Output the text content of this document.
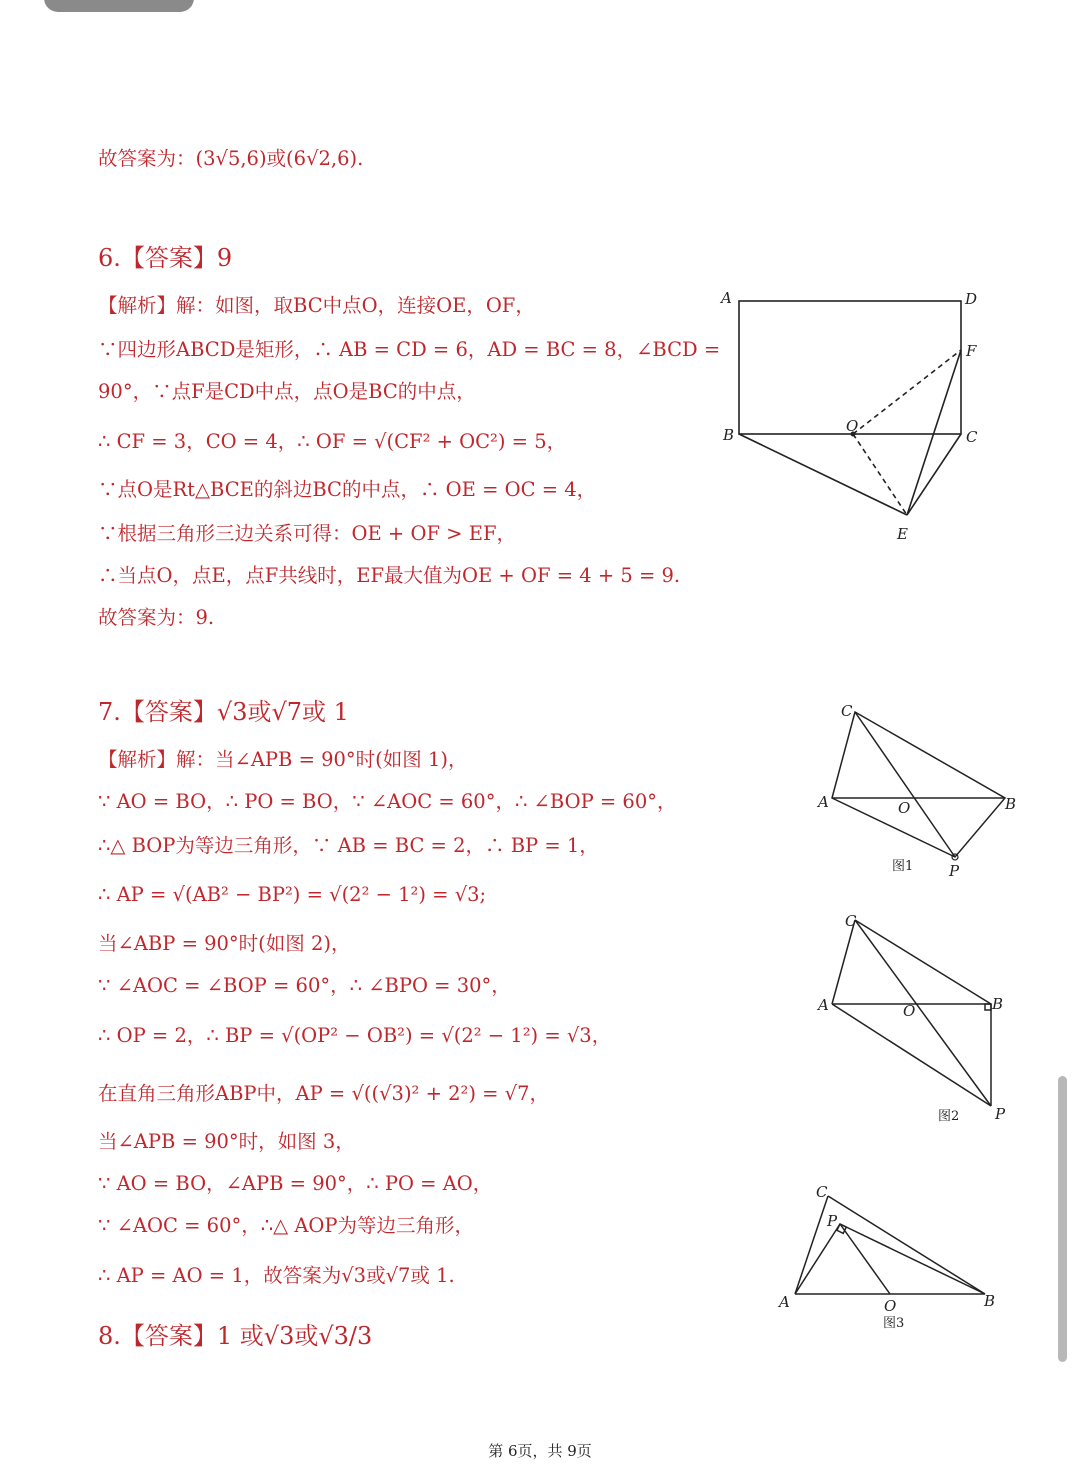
故答案为：(3√5,6)或(6√2,6).
6.【答案】9
【解析】解：如图，取BC中点O，连接OE，OF，
∵四边形ABCD是矩形，∴ AB = CD = 6，AD = BC = 8，∠BCD =
90°，∵点F是CD中点，点O是BC的中点，
∴ CF = 3，CO = 4，∴ OF = √(CF² + OC²) = 5，
∵点O是Rt△BCE的斜边BC的中点，∴ OE = OC = 4，
∵根据三角形三边关系可得：OE + OF > EF，
∴当点O，点E，点F共线时，EF最大值为OE + OF = 4 + 5 = 9.
故答案为：9.
A	D
F
B	C
O
E
7.【答案】√3或√7或 1
【解析】解：当∠APB = 90°时(如图 1)，
∵ AO = BO，∴ PO = BO，∵ ∠AOC = 60°，∴ ∠BOP = 60°，
∴△ BOP为等边三角形，∵ AB = BC = 2，∴ BP = 1，
∴ AP = √(AB² − BP²) = √(2² − 1²) = √3;
当∠ABP = 90°时(如图 2)，
∵ ∠AOC = ∠BOP = 60°，∴ ∠BPO = 30°，
∴ OP = 2，∴ BP = √(OP² − OB²) = √(2² − 1²) = √3，
在直角三角形ABP中，AP = √((√3)² + 2²) = √7，
当∠APB = 90°时，如图 3，
∵ AO = BO，∠APB = 90°，∴ PO = AO，
∵ ∠AOC = 60°，∴△ AOP为等边三角形，
∴ AP = AO = 1，故答案为√3或√7或 1.
C
A	O	B
P
图1
C
A	O	B
P
图2
C
P
A	O	B
图3
8.【答案】1 或√3或√3/3
第 6页，共 9页
